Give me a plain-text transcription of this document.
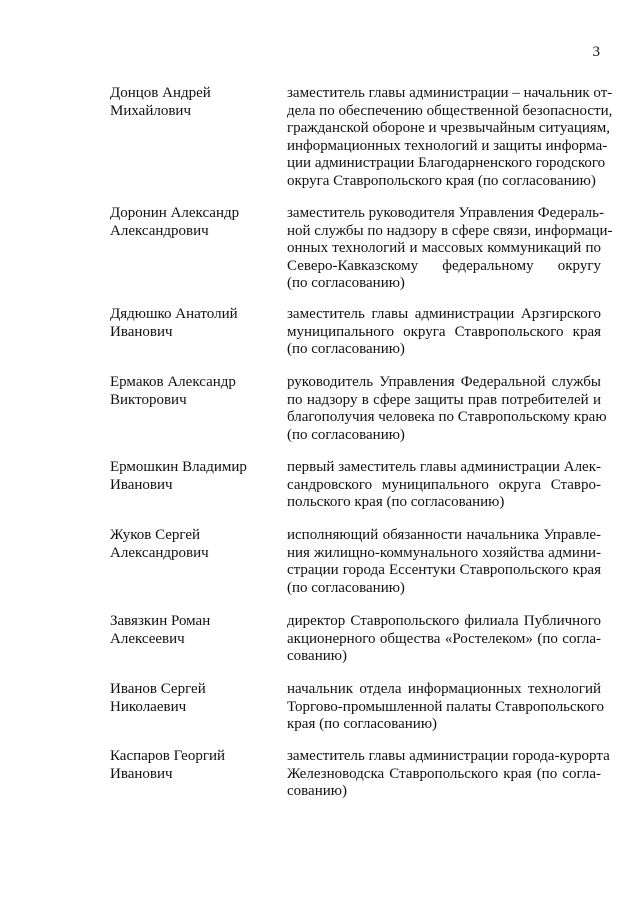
3
Донцов Андрей
Михайлович
заместитель главы администрации – начальник от-
дела по обеспечению общественной безопасности,
гражданской обороне и чрезвычайным ситуациям,
информационных технологий и защиты информа-
ции администрации Благодарненского городского
округа Ставропольского края (по согласованию)
Доронин Александр
Александрович
заместитель руководителя Управления Федераль-
ной службы по надзору в сфере связи, информаци-
онных технологий и массовых коммуникаций по
Северо-Кавказскому федеральному округу
(по согласованию)
Дядюшко Анатолий
Иванович
заместитель главы администрации Арзгирского
муниципального округа Ставропольского края
(по согласованию)
Ермаков Александр
Викторович
руководитель Управления Федеральной службы
по надзору в сфере защиты прав потребителей и
благополучия человека по Ставропольскому краю
(по согласованию)
Ермошкин Владимир
Иванович
первый заместитель главы администрации Алек-
сандровского муниципального округа Ставро-
польского края (по согласованию)
Жуков Сергей
Александрович
исполняющий обязанности начальника Управле-
ния жилищно-коммунального хозяйства админи-
страции города Ессентуки Ставропольского края
(по согласованию)
Завязкин Роман
Алексеевич
директор Ставропольского филиала Публичного
акционерного общества «Ростелеком» (по согла-
сованию)
Иванов Сергей
Николаевич
начальник отдела информационных технологий
Торгово-промышленной палаты Ставропольского
края (по согласованию)
Каспаров Георгий
Иванович
заместитель главы администрации города-курорта
Железноводска Ставропольского края (по согла-
сованию)
